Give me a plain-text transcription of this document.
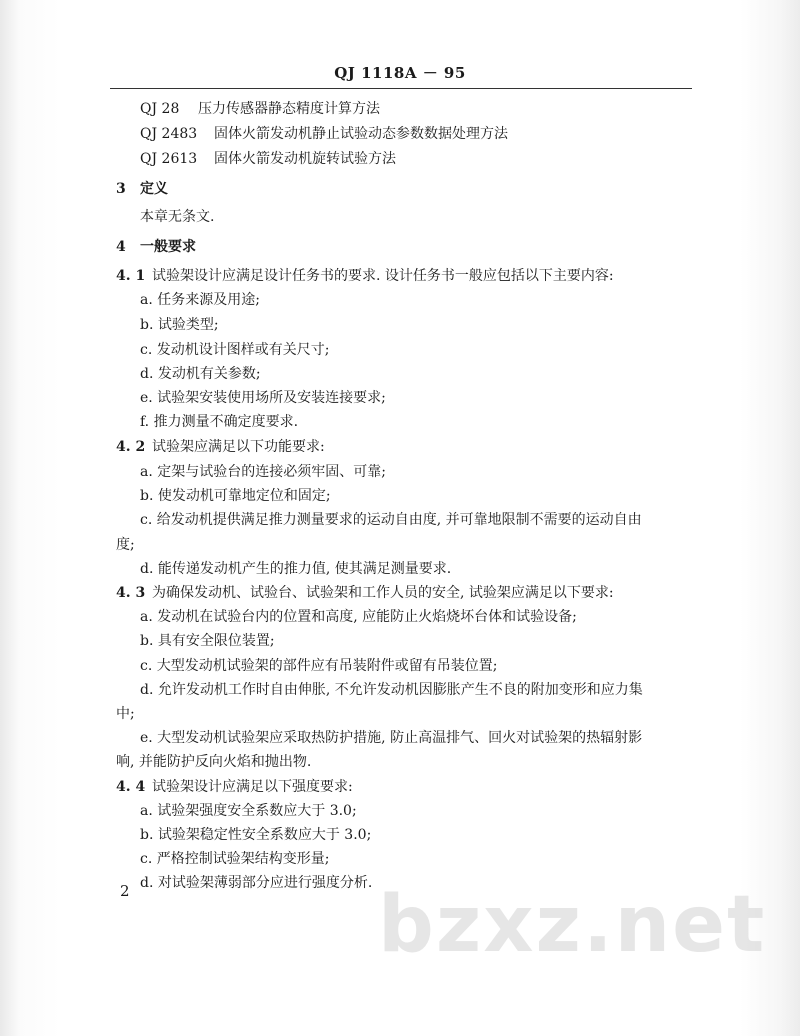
QJ 1118A － 95
QJ 28 压力传感器静态精度计算方法
QJ 2483 固体火箭发动机静止试验动态参数数据处理方法
QJ 2613 固体火箭发动机旋转试验方法
3 定义
本章无条文.
4 一般要求
4. 1 试验架设计应满足设计任务书的要求. 设计任务书一般应包括以下主要内容:
a. 任务来源及用途;
b. 试验类型;
c. 发动机设计图样或有关尺寸;
d. 发动机有关参数;
e. 试验架安装使用场所及安装连接要求;
f. 推力测量不确定度要求.
4. 2 试验架应满足以下功能要求:
a. 定架与试验台的连接必须牢固、可靠;
b. 使发动机可靠地定位和固定;
c. 给发动机提供满足推力测量要求的运动自由度, 并可靠地限制不需要的运动自由
度;
d. 能传递发动机产生的推力值, 使其满足测量要求.
4. 3 为确保发动机、试验台、试验架和工作人员的安全, 试验架应满足以下要求:
a. 发动机在试验台内的位置和高度, 应能防止火焰烧坏台体和试验设备;
b. 具有安全限位装置;
c. 大型发动机试验架的部件应有吊装附件或留有吊装位置;
d. 允许发动机工作时自由伸胀, 不允许发动机因膨胀产生不良的附加变形和应力集
中;
e. 大型发动机试验架应采取热防护措施, 防止高温排气、回火对试验架的热辐射影
响, 并能防护反向火焰和抛出物.
4. 4 试验架设计应满足以下强度要求:
a. 试验架强度安全系数应大于 3.0;
b. 试验架稳定性安全系数应大于 3.0;
c. 严格控制试验架结构变形量;
d. 对试验架薄弱部分应进行强度分析.
2	bzxz.net
